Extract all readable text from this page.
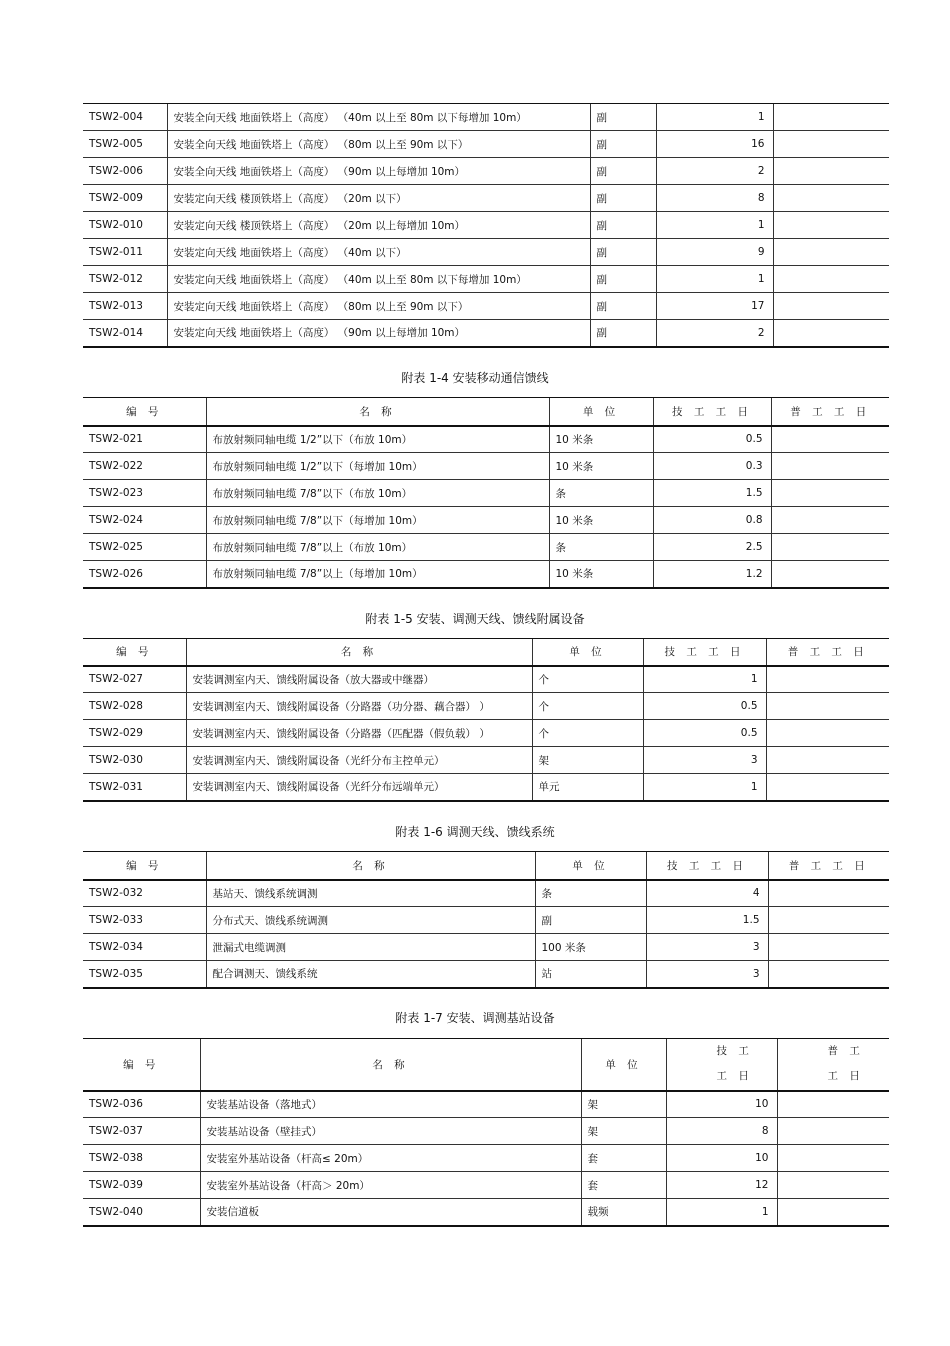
TSW2-004	安装全向天线 地面铁塔上（高度） （40m 以上至 80m 以下每增加 10m）	副	1	
TSW2-005	安装全向天线 地面铁塔上（高度） （80m 以上至 90m 以下）	副	16	
TSW2-006	安装全向天线 地面铁塔上（高度） （90m 以上每增加 10m）	副	2	
TSW2-009	安装定向天线 楼顶铁塔上（高度） （20m 以下）	副	8	
TSW2-010	安装定向天线 楼顶铁塔上（高度） （20m 以上每增加 10m）	副	1	
TSW2-011	安装定向天线 地面铁塔上（高度） （40m 以下）	副	9	
TSW2-012	安装定向天线 地面铁塔上（高度） （40m 以上至 80m 以下每增加 10m）	副	1	
TSW2-013	安装定向天线 地面铁塔上（高度） （80m 以上至 90m 以下）	副	17	
TSW2-014	安装定向天线 地面铁塔上（高度） （90m 以上每增加 10m）	副	2	
附表 1-4 安装移动通信馈线
编 号	名 称	单 位	技 工 工 日	普 工 工 日
TSW2-021	布放射频同轴电缆 1/2”以下（布放 10m）	10 米条	0.5	
TSW2-022	布放射频同轴电缆 1/2”以下（每增加 10m）	10 米条	0.3	
TSW2-023	布放射频同轴电缆 7/8”以下（布放 10m）	条	1.5	
TSW2-024	布放射频同轴电缆 7/8”以下（每增加 10m）	10 米条	0.8	
TSW2-025	布放射频同轴电缆 7/8”以上（布放 10m）	条	2.5	
TSW2-026	布放射频同轴电缆 7/8”以上（每增加 10m）	10 米条	1.2	
附表 1-5 安装、调测天线、馈线附属设备
编 号	名 称	单 位	技 工 工 日	普 工 工 日
TSW2-027	安装调测室内天、馈线附属设备（放大器或中继器）	个	1	
TSW2-028	安装调测室内天、馈线附属设备（分路器（功分器、藕合器） ）	个	0.5	
TSW2-029	安装调测室内天、馈线附属设备（分路器（匹配器（假负载） ）	个	0.5	
TSW2-030	安装调测室内天、馈线附属设备（光纤分布主控单元）	架	3	
TSW2-031	安装调测室内天、馈线附属设备（光纤分布远端单元）	单元	1	
附表 1-6 调测天线、馈线系统
编 号	名 称	单 位	技 工 工 日	普 工 工 日
TSW2-032	基站天、馈线系统调测	条	4	
TSW2-033	分布式天、馈线系统调测	副	1.5	
TSW2-034	泄漏式电缆调测	100 米条	3	
TSW2-035	配合调测天、馈线系统	站	3	
附表 1-7 安装、调测基站设备
编 号	名 称	单 位	技 工 工 日	普 工 工 日
TSW2-036	安装基站设备（落地式）	架	10	
TSW2-037	安装基站设备（壁挂式）	架	8	
TSW2-038	安装室外基站设备（杆高≤ 20m）	套	10	
TSW2-039	安装室外基站设备（杆高＞ 20m）	套	12	
TSW2-040	安装信道板	载频	1	
